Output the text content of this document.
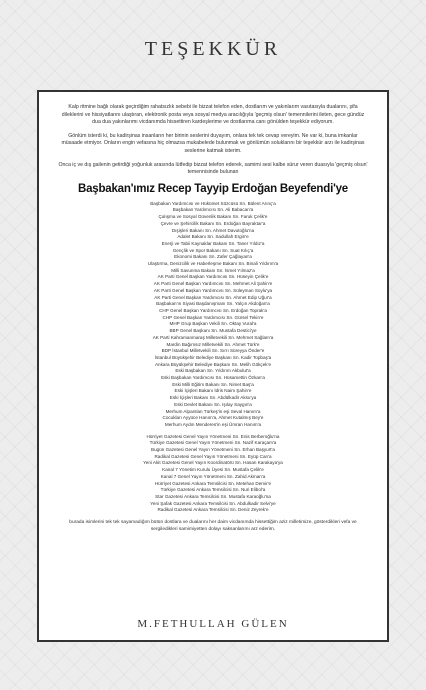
TEŞEKKÜR

Kalp ritmine bağlı olarak geçirdiğim rahatsızlık sebebi ile bizzat telefon eden, dostlarım ve yakınlarım vasıtasıyla dualarını, şifa dileklerini ve hissiyatlarını ulaştıran, elektronik posta veya sosyal medya aracılığıyla 'geçmiş olsun' temennilerini ileten, gece gündüz dua dua yakınlarımı vicdanımda hissettiren kardeşlerime ve dostlarıma canı gönülden teşekkür ediyorum.

Gönlüm isterdi ki, bu kadirşinas insanların her birinin seslerini duyayım, onlara tek tek cevap vereyim. Ne var ki, buna imkanlar müsaade etmiyor. Onların engin vefasına hiç olmazsa mukabelede bulunmak ve gönlümün soluklarını bir teşekkür arzı ile kadirşinas seslerine katmak isterim.

Onca iç ve dış gailenin getirdiği yoğunluk arasında lütfedip bizzat telefon ederek, samimi sesi kalbe sürur veren duasıyla 'geçmiş olsun' temennisinde bulunan

Başbakan'ımız Recep Tayyip Erdoğan Beyefendi'ye
Başbakan Yardımcısı ve Hükümet Sözcüsü Sn. Bülent Arınç'a
Başbakan Yardımcısı Sn. Ali Babacan'a
Çalışma ve Sosyal Güvenlik Bakanı Sn. Faruk Çelik'e
Çevre ve Şehircilik Bakanı Sn. Erdoğan Bayraktar'a
Dışişleri Bakanı Sn. Ahmet Davutoğlu'na
Adalet Bakanı Sn. Sadullah Ergin'e
Enerji ve Tabii Kaynaklar Bakanı Sn. Taner Yıldız'a
Gençlik ve Spor Bakanı Sn. Suat Kılıç'a
Ekonomi Bakanı Sn. Zafer Çağlayan'a
Ulaştırma, Denizcilik ve Haberleşme Bakanı Sn. Binali Yıldırım'a
Milli Savunma Bakanı Sn. İsmet Yılmaz'a
AK Parti Genel Başkan Yardımcısı Sn. Hüseyin Çelik'e
AK Parti Genel Başkan Yardımcısı Sn. Mehmet Ali Şahin'e
AK Parti Genel Başkan Yardımcısı Sn. Süleyman Soylu'ya
AK Parti Genel Başkan Yardımcısı Sn. Ahmet Edip Uğur'a
Başbakan'ın Siyasi Başdanışmanı Sn. Yalçın Akdoğan'a
CHP Genel Başkan Yardımcısı Sn. Erdoğan Toprak'a
CHP Genel Başkan Yardımcısı Sn. Gürsel Tekin'e
MHP Grup Başkan Vekili Sn. Oktay Vural'a
BBP Genel Başkanı Sn. Mustafa Destici'ye
AK Parti Kahramanmaraş Milletvekili Sn. Mehmet Sağlam'a
Mardin Bağımsız Milletvekili Sn. Ahmet Türk'e
BDP İstanbul Milletvekili Sn. Sırrı Süreyya Önder'e
İstanbul Büyükşehir Belediye Başkanı Sn. Kadir Topbaş'a
Ankara Büyükşehir Belediye Başkanı Sn. Melih Gökçek'e
Eski Başbakan Sn. Yıldırım Akbulut'a
Eski Başbakan Yardımcısı Sn. Hüsamettin Özkan'a
Eski Milli Eğitim Bakanı Sn. Nimet Baş'a
Eski İçişleri Bakanı İdris Naim Şahin'e
Eski İçişleri Bakanı Sn. Abdülkadir Aksu'ya
Eski Devlet Bakanı Sn. Işılay Saygın'a
Merhum Alparslan Türkeş'in eşi Seval Hanım'a
Cocukları Ayyüce Hanım'a, Ahmet Kutalmış Bey'e
Merhum Aydın Menderes'in eşi Ümran Hanım'a
Hürriyet Gazetesi Genel Yayın Yönetmeni Sn. Enis Berberoğlu'na
Türkiye Gazetesi Genel Yayın Yönetmeni Sn. Nazif Karaçam'a
Bugün Gazetesi Genel Yayın Yönetmeni Sn. Erhan Başyurt'a
Radikal Gazetesi Genel Yayın Yönetmeni Sn. Eyüp Can'a
Yeni Akit Gazetesi Genel Yayın Koordinatörü Sn. Hasan Karakaya'ya
Kanal 7 Yönetim Kurulu Üyesi Sn. Mustafa Çelik'e
Kanal 7 Genel Yayın Yönetmeni Sn. Zahid Akman'a
Hürriyet Gazetesi Ankara Temsilcisi Sn. Metehan Demir'e
Türkiye Gazetesi Ankara Temsilcisi Sn. Nuri Elibol'a
Star Gazetesi Ankara Temsilcisi Sn. Mustafa Karaoğlu'na
Yeni Şafak Gazetesi Ankara Temsilcisi Sn. Abdulkadir Selvi'ye
Radikal Gazetesi Ankara Temsilcisi Sn. Deniz Zeyrek'e

burada isimlerini tek tek sayamadığım bütün dostlara ve dualarını her daim vicdanımda hissettiğim aziz milletimize, gösterdikleri vefa ve sergiledikleri samimiyetten dolayı saksanlarımı arz ederim.

M.FETHULLAH GÜLEN
